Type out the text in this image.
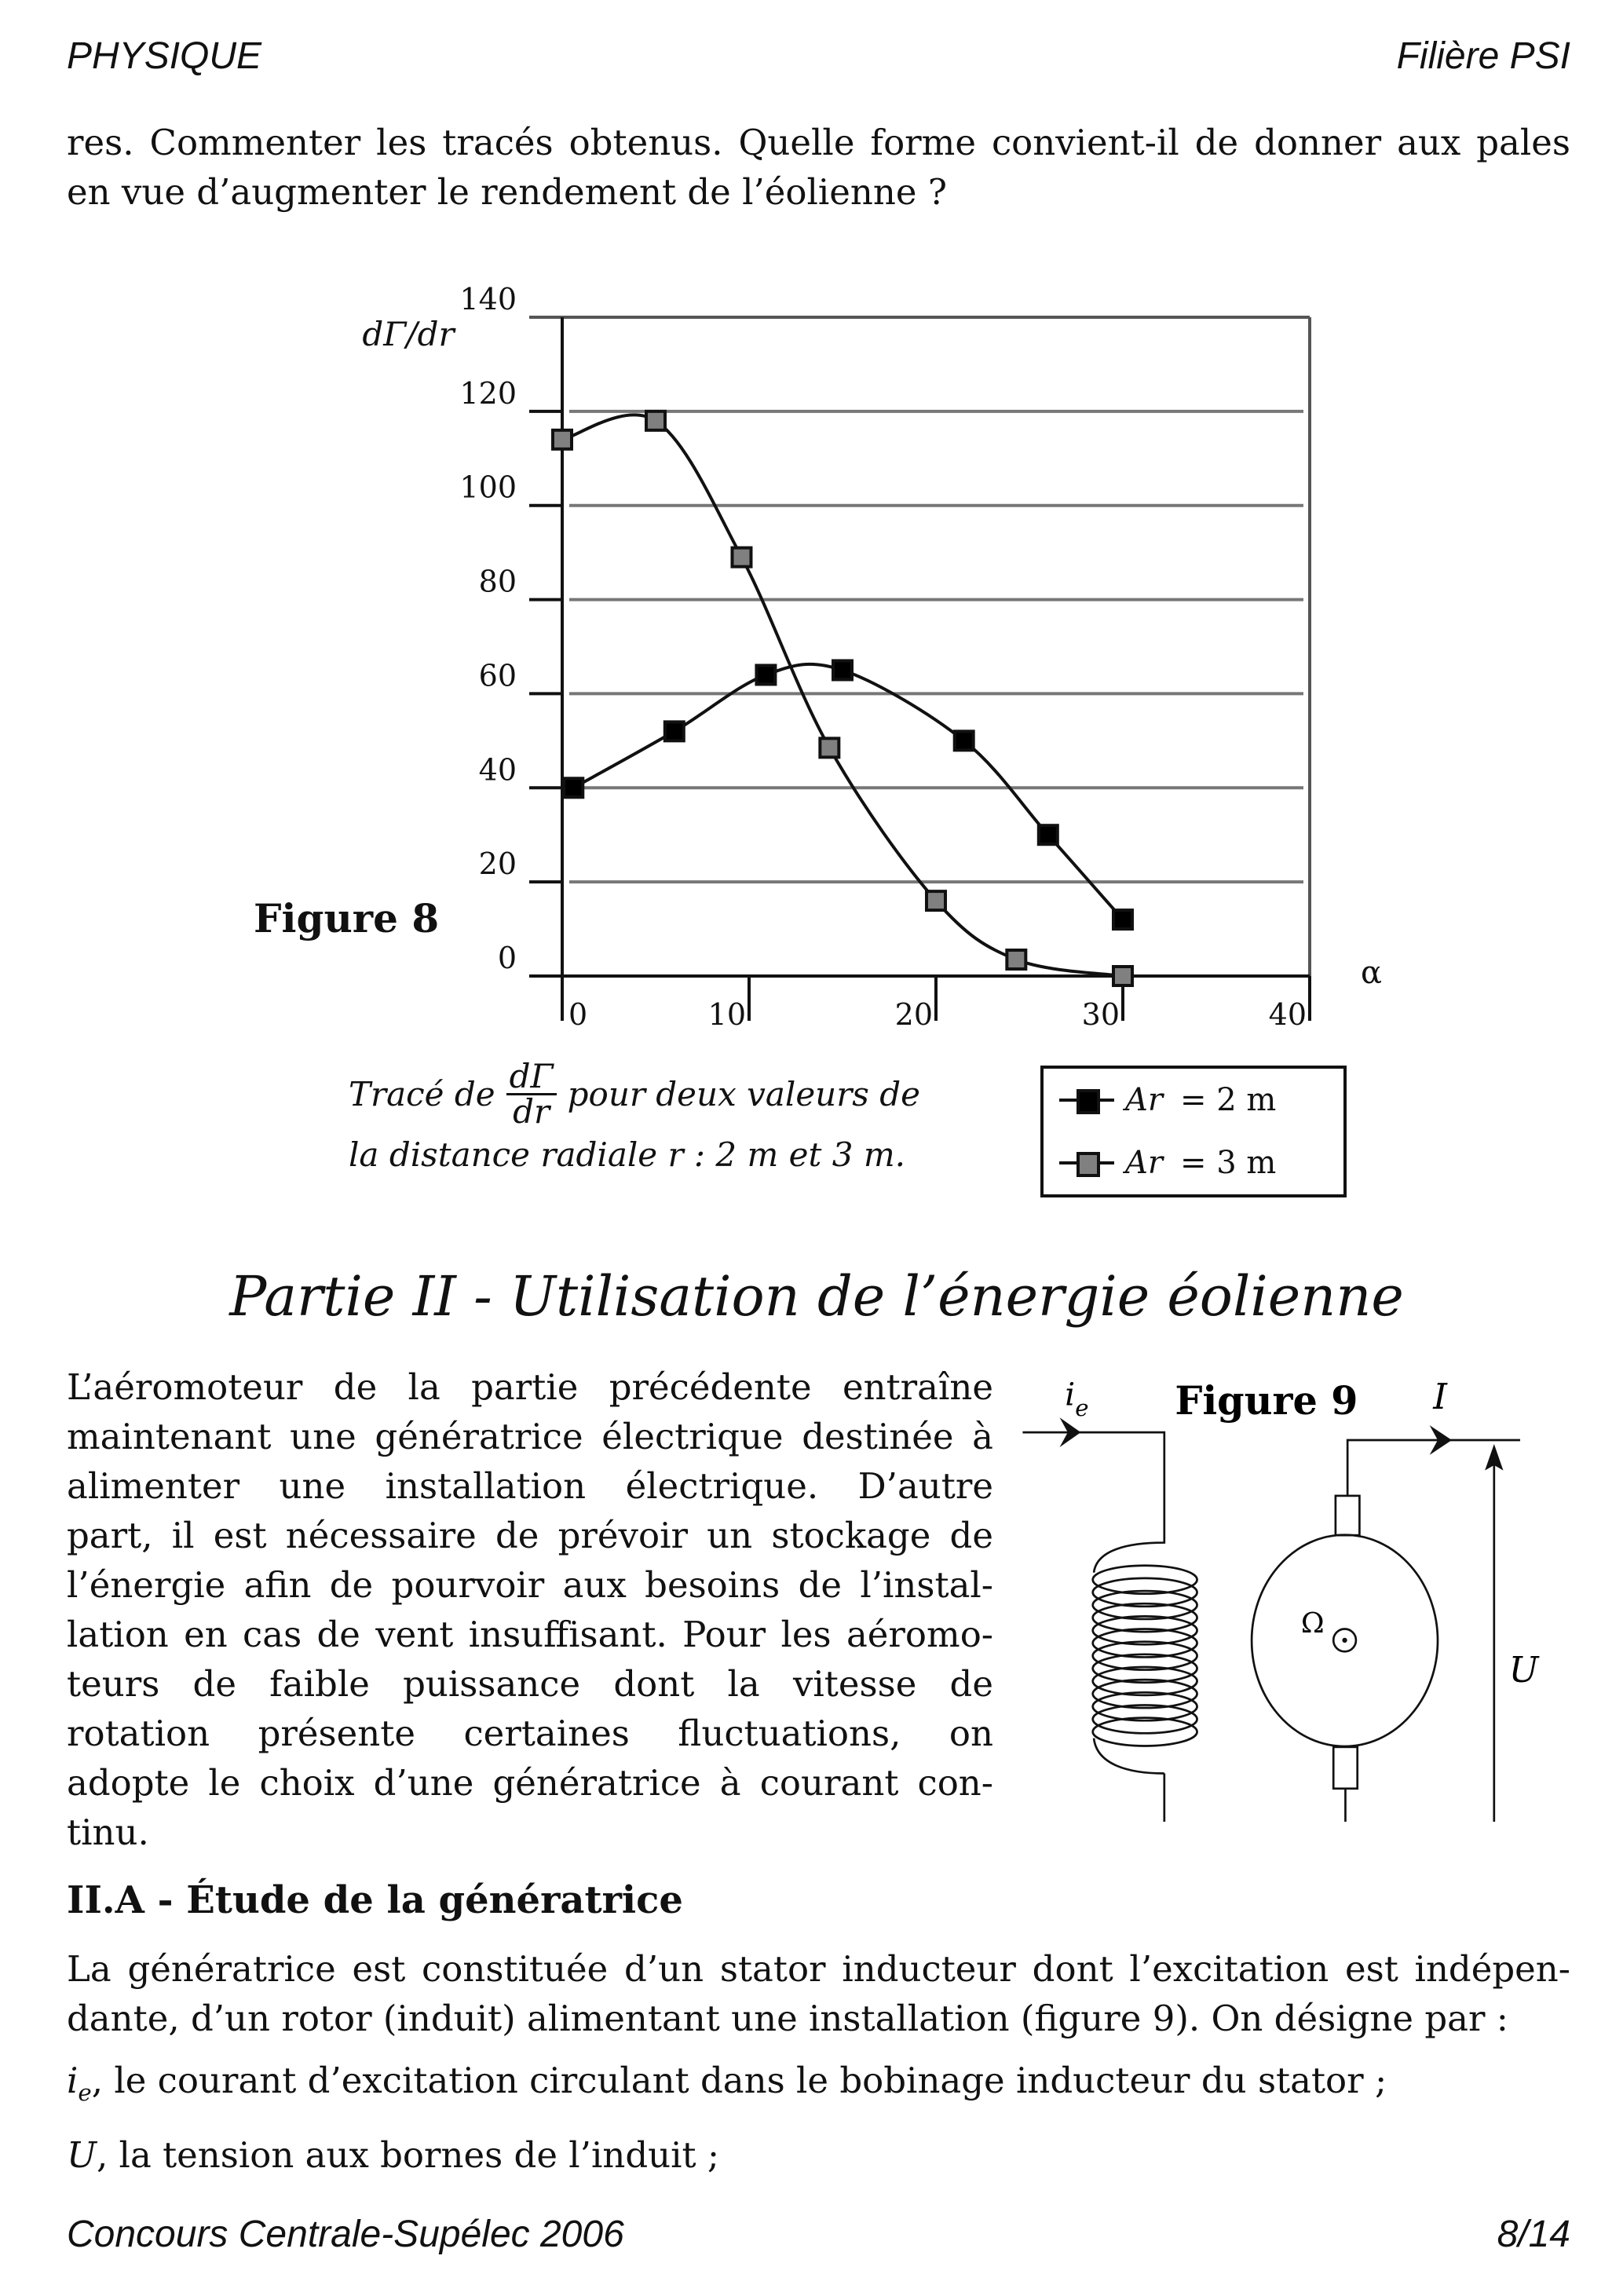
PHYSIQUE	Filière PSI
res. Commenter les tracés obtenus. Quelle forme convient-il de donner aux pales
en vue d’augmenter le rendement de l’éolienne ?
0
20
40
60
80
100
120
140
0	10	20	30	40
dΓ/dr
α
Figure 8
Tracé de $\frac{d\Gamma}{dr}$ pour deux valeurs de
la distance radiale r : 2 m et 3 m.
Ar = 2 m
Ar = 3 m
Partie II - Utilisation de l’énergie éolienne
L’aéromoteur de la partie précédente entraîne
maintenant une génératrice électrique destinée à
alimenter une installation électrique. D’autre
part, il est nécessaire de prévoir un stockage de
l’énergie afin de pourvoir aux besoins de l’instal-
lation en cas de vent insuffisant. Pour les aéromo-
teurs de faible puissance dont la vitesse de
rotation présente certaines fluctuations, on
adopte le choix d’une génératrice à courant con-
tinu.
$i_e$ Figure 9 I
U
Ω
II.A - Étude de la génératrice
La génératrice est constituée d’un stator inducteur dont l’excitation est indépen-
dante, d’un rotor (induit) alimentant une installation (figure 9). On désigne par :
$i_e$, le courant d’excitation circulant dans le bobinage inducteur du stator ;
U, la tension aux bornes de l’induit ;
Concours Centrale-Supélec 2006	8/14
